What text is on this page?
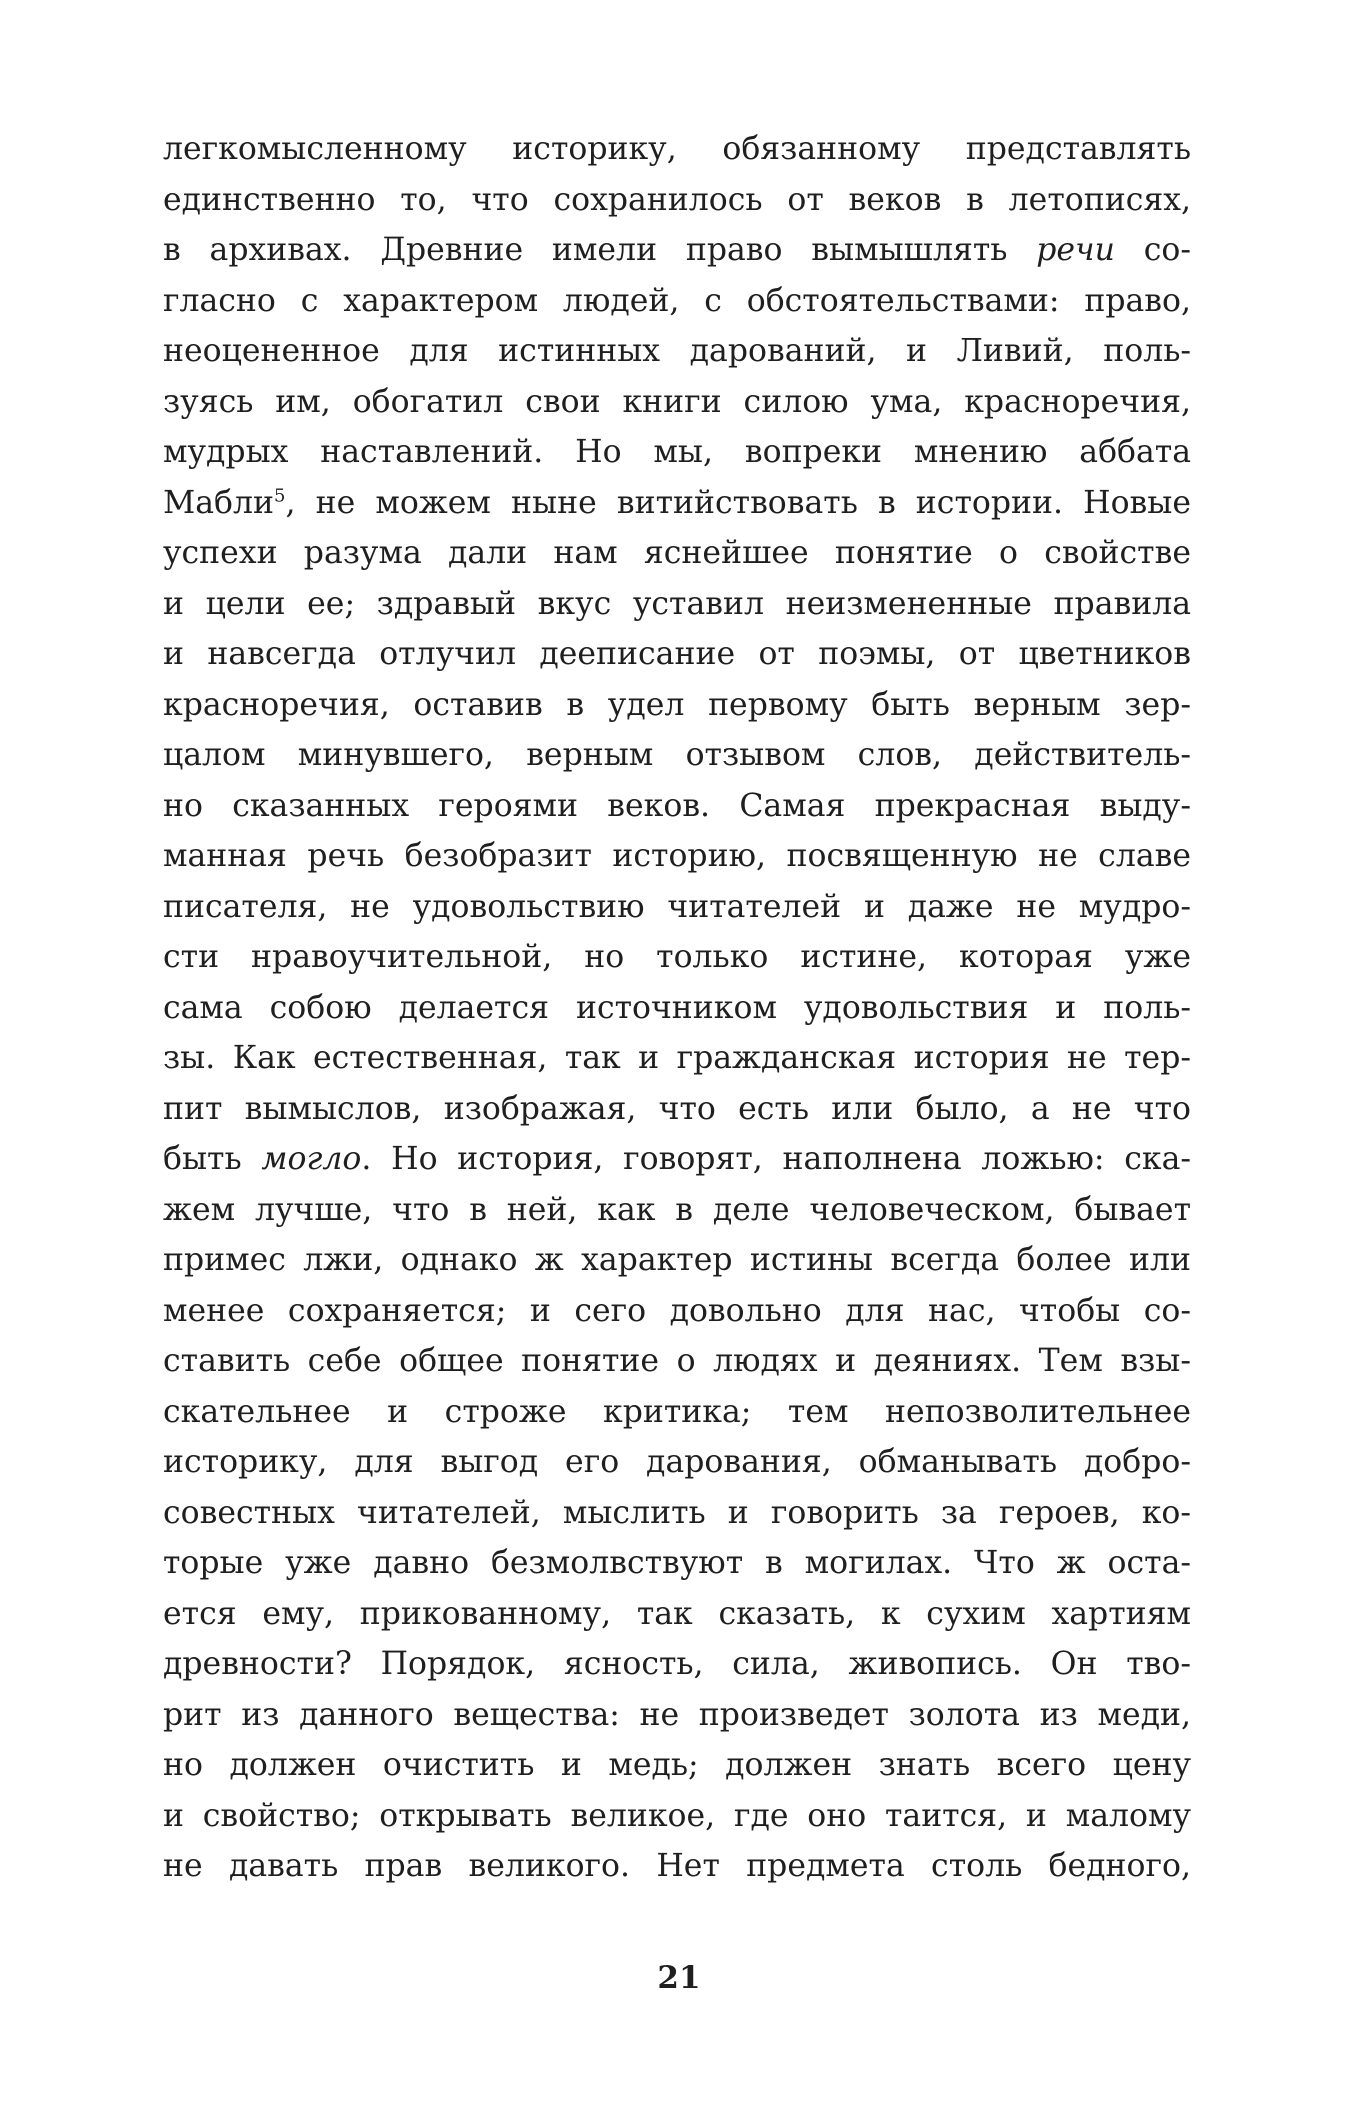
легкомысленному историку, обязанному представлять
единственно то, что сохранилось от веков в летописях,
в архивах. Древние имели право вымышлять речи со-
гласно с характером людей, с обстоятельствами: право,
неоцененное для истинных дарований, и Ливий, поль-
зуясь им, обогатил свои книги силою ума, красноречия,
мудрых наставлений. Но мы, вопреки мнению аббата
Мабли$^5$, не можем ныне витийствовать в истории. Новые
успехи разума дали нам яснейшее понятие о свойстве
и цели ее; здравый вкус уставил неизмененные правила
и навсегда отлучил дееписание от поэмы, от цветников
красноречия, оставив в удел первому быть верным зер-
цалом минувшего, верным отзывом слов, действитель-
но сказанных героями веков. Самая прекрасная выду-
манная речь безобразит историю, посвященную не славе
писателя, не удовольствию читателей и даже не мудро-
сти нравоучительной, но только истине, которая уже
сама собою делается источником удовольствия и поль-
зы. Как естественная, так и гражданская история не тер-
пит вымыслов, изображая, что есть или было, а не что
быть могло. Но история, говорят, наполнена ложью: ска-
жем лучше, что в ней, как в деле человеческом, бывает
примес лжи, однако ж характер истины всегда более или
менее сохраняется; и сего довольно для нас, чтобы со-
ставить себе общее понятие о людях и деяниях. Тем взы-
скательнее и строже критика; тем непозволительнее
историку, для выгод его дарования, обманывать добро-
совестных читателей, мыслить и говорить за героев, ко-
торые уже давно безмолвствуют в могилах. Что ж оста-
ется ему, прикованному, так сказать, к сухим хартиям
древности? Порядок, ясность, сила, живопись. Он тво-
рит из данного вещества: не произведет золота из меди,
но должен очистить и медь; должен знать всего цену
и свойство; открывать великое, где оно таится, и малому
не давать прав великого. Нет предмета столь бедного,
21
